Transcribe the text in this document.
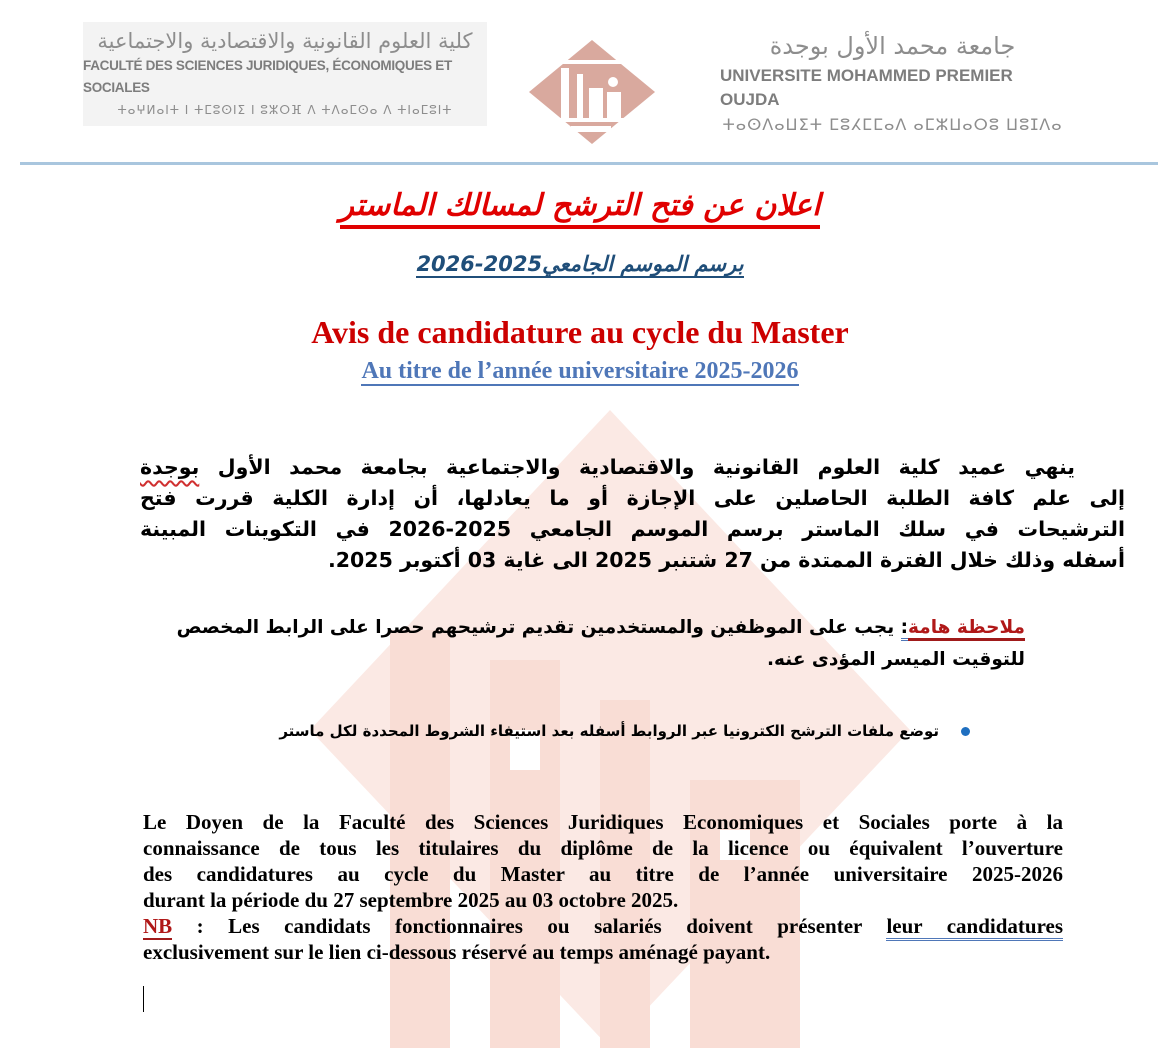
كلية العلوم القانونية والاقتصادية والاجتماعية
FACULTÉ DES SCIENCES JURIDIQUES, ÉCONOMIQUES ET SOCIALES
ⵜⴰⵖⵍⴰⵏⵜ ⵏ ⵜⵎⵓⵙⵏⵉ ⵏ ⵓⵣⵔⴼ ⴷ ⵜⴷⴰⵎⵙⴰ ⴷ ⵜⵏⴰⵎⵓⵏⵜ
جامعة محمد الأول بوجدة
UNIVERSITE MOHAMMED PREMIER OUJDA
ⵜⴰⵙⴷⴰⵡⵉⵜ ⵎⵓⵃⵎⵎⴰⴷ ⴰⵎⵣⵡⴰⵔⵓ ⵡⵓⵊⴷⴰ
اعلان عن فتح الترشح لمسالك الماستر
برسم الموسم الجامعي2025-2026
Avis de candidature au cycle du Master
Au titre de l’année universitaire 2025-2026
ينهي عميد كلية العلوم القانونية والاقتصادية والاجتماعية بجامعة محمد الأول بوجدة
إلى علم كافة الطلبة الحاصلين على الإجازة أو ما يعادلها، أن إدارة الكلية قررت فتح
الترشيحات في سلك الماستر برسم الموسم الجامعي 2025-2026 في التكوينات المبينة
أسفله وذلك خلال الفترة الممتدة من 27 شتنبر 2025 الى غاية 03 أكتوبر 2025.
ملاحظة هامة: يجب على الموظفين والمستخدمين تقديم ترشيحهم حصرا على الرابط المخصص
للتوقيت الميسر المؤدى عنه.
توضع ملفات الترشح الكترونيا عبر الروابط أسفله بعد استيفاء الشروط المحددة لكل ماستر
Le Doyen de la Faculté des Sciences Juridiques Economiques et Sociales porte à la
connaissance de tous les titulaires du diplôme de la licence ou équivalent l’ouverture
des candidatures au cycle du Master au titre de l’année universitaire 2025-2026
durant la période du 27 septembre 2025 au 03 octobre 2025.
NB : Les candidats fonctionnaires ou salariés doivent présenter leur candidatures
exclusivement sur le lien ci-dessous réservé au temps aménagé payant.
